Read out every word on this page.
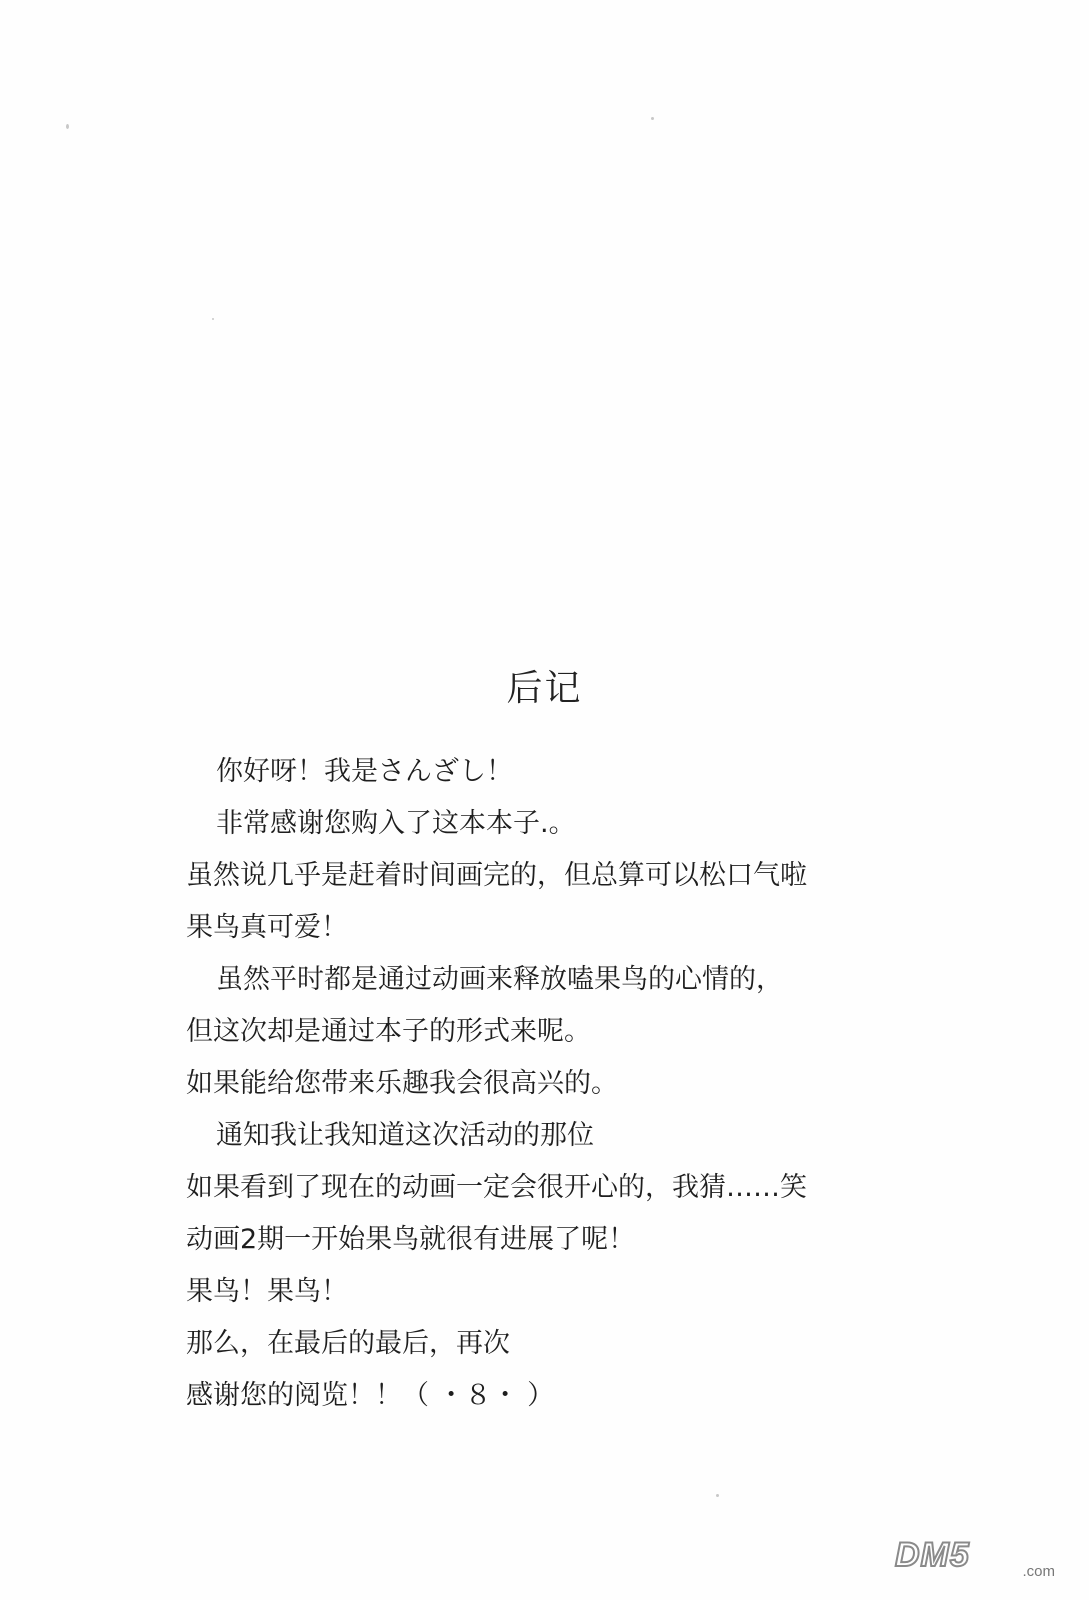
后记
你好呀！我是さんざし！
非常感谢您购入了这本本子.。
虽然说几乎是赶着时间画完的，但总算可以松口气啦
果鸟真可爱！
虽然平时都是通过动画来释放嗑果鸟的心情的，
但这次却是通过本子的形式来呢。
如果能给您带来乐趣我会很高兴的。
通知我让我知道这次活动的那位
如果看到了现在的动画一定会很开心的，我猜……笑
动画2期一开始果鸟就很有进展了呢！
果鸟！果鸟！
那么，在最后的最后，再次
感谢您的阅览！！（ ・８・ ）
DM5	.com
